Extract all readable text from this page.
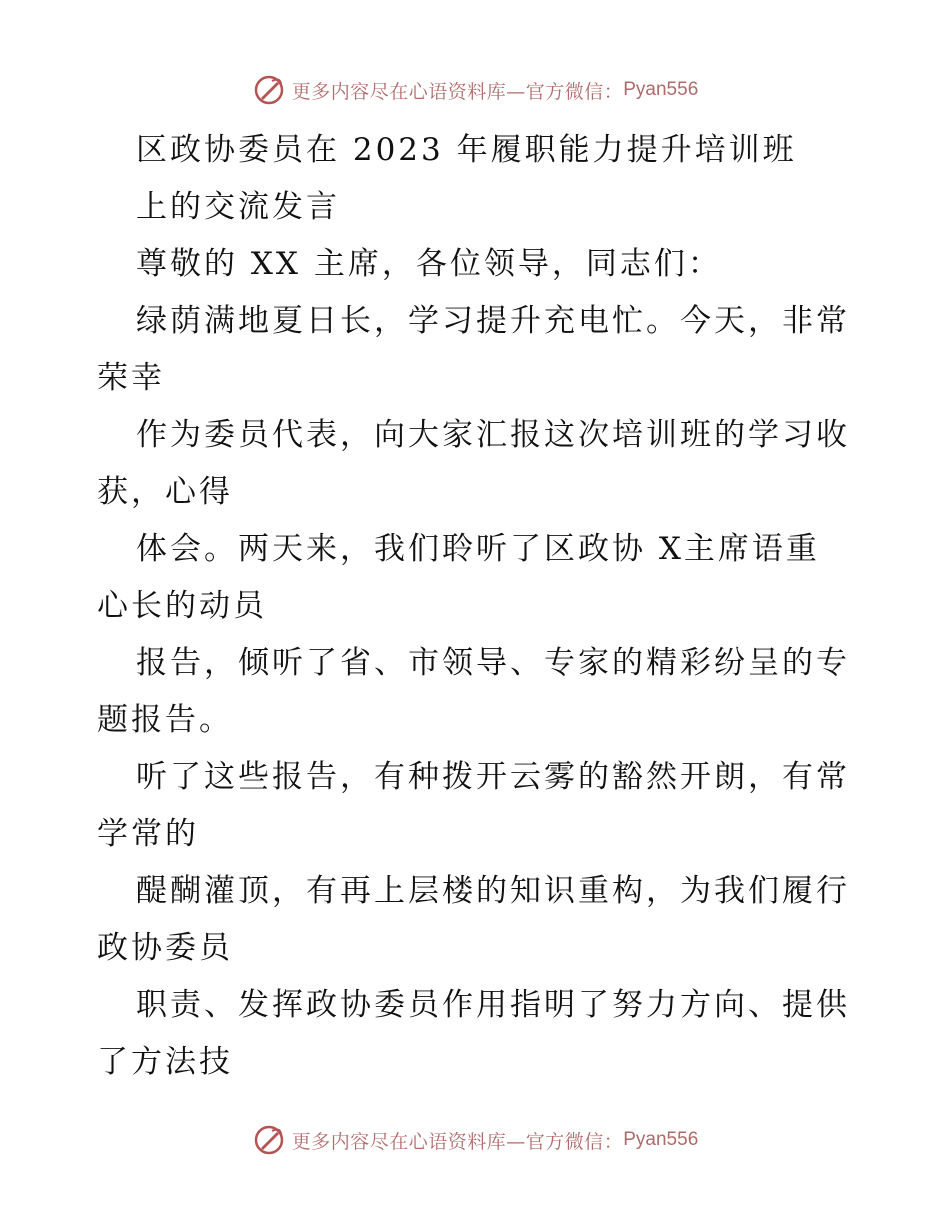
更多内容尽在心语资料库—官方微信： Pyan556
区政协委员在 2023 年履职能力提升培训班
上的交流发言
尊敬的 XX 主席，各位领导，同志们：
绿荫满地夏日长，学习提升充电忙。今天，非常
荣幸
作为委员代表，向大家汇报这次培训班的学习收
获，心得
体会。两天来，我们聆听了区政协 X主席语重
心长的动员
报告，倾听了省、市领导、专家的精彩纷呈的专
题报告。
听了这些报告，有种拨开云雾的豁然开朗，有常
学常的
醍醐灌顶，有再上层楼的知识重构，为我们履行
政协委员
职责、发挥政协委员作用指明了努力方向、提供
了方法技
更多内容尽在心语资料库—官方微信： Pyan556
